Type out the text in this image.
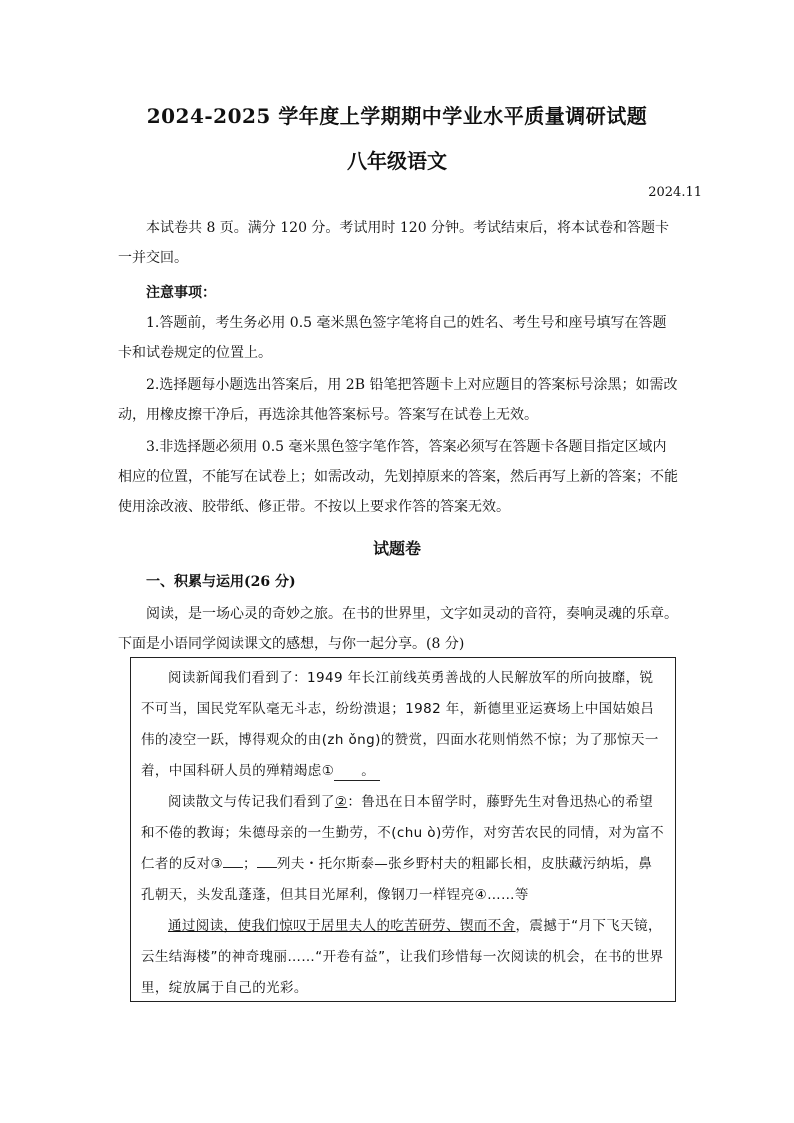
2024-2025 学年度上学期期中学业水平质量调研试题
八年级语文
2024.11
本试卷共 8 页。满分 120 分。考试用时 120 分钟。考试结束后，将本试卷和答题卡一并交回。
注意事项：
1.答题前，考生务必用 0.5 毫米黑色签字笔将自己的姓名、考生号和座号填写在答题卡和试卷规定的位置上。
2.选择题每小题选出答案后，用 2B 铅笔把答题卡上对应题目的答案标号涂黑；如需改动，用橡皮擦干净后，再选涂其他答案标号。答案写在试卷上无效。
3.非选择题必须用 0.5 毫米黑色签字笔作答，答案必须写在答题卡各题目指定区域内相应的位置，不能写在试卷上；如需改动，先划掉原来的答案，然后再写上新的答案；不能使用涂改液、胶带纸、修正带。不按以上要求作答的答案无效。
试题卷
一、积累与运用(26 分)
阅读，是一场心灵的奇妙之旅。在书的世界里，文字如灵动的音符，奏响灵魂的乐章。下面是小语同学阅读课文的感想，与你一起分享。(8 分)

阅读新闻我们看到了：1949 年长江前线英勇善战的人民解放军的所向披靡，锐不可当，国民党军队毫无斗志，纷纷溃退；1982 年，新德里亚运赛场上中国姑娘吕伟的凌空一跃，博得观众的由(zh ǒng)的赞赏，四面水花则悄然不惊；为了那惊天一着，中国科研人员的殚精竭虑① 。

阅读散文与传记我们看到了②：鲁迅在日本留学时，藤野先生对鲁迅热心的希望和不倦的教诲；朱德母亲的一生勤劳，不(chu ò)劳作，对穷苦农民的同情，对为富不仁者的反对③ ； 列夫・托尔斯泰—张乡野村夫的粗鄙长相，皮肤藏污纳垢，鼻孔朝天，头发乱蓬蓬，但其目光犀利，像钢刀一样锃亮④……等

通过阅读，使我们惊叹于居里夫人的吃苦研劳、锲而不舍，震撼于“月下飞天镜，云生结海楼”的神奇瑰丽……“开卷有益”，让我们珍惜每一次阅读的机会，在书的世界里，绽放属于自己的光彩。
